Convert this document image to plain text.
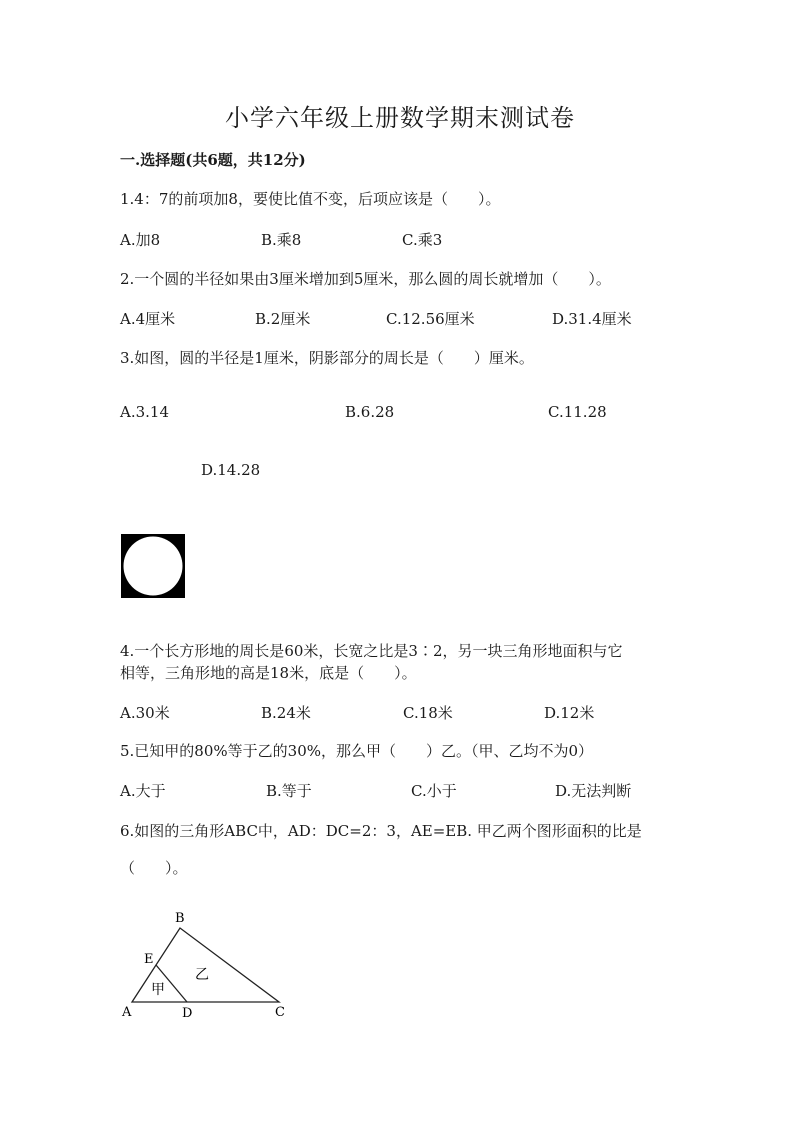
小学六年级上册数学期末测试卷
一.选择题(共6题，共12分)
1.4：7的前项加8，要使比值不变，后项应该是（　　）。
A.加8	B.乘8	C.乘3
2.一个圆的半径如果由3厘米增加到5厘米，那么圆的周长就增加（　　）。
A.4厘米	B.2厘米	C.12.56厘米	D.31.4厘米
3.如图，圆的半径是1厘米，阴影部分的周长是（　　）厘米。
A.3.14	B.6.28	C.11.28
D.14.28
4.一个长方形地的周长是60米，长宽之比是3∶2，另一块三角形地面积与它
相等，三角形地的高是18米，底是（　　）。
A.30米	B.24米	C.18米	D.12米
5.已知甲的80%等于乙的30%，那么甲（　　）乙。（甲、乙均不为0）
A.大于	B.等于	C.小于	D.无法判断
6.如图的三角形ABC中，AD：DC=2：3，AE=EB. 甲乙两个图形面积的比是
（　　）。
B
E
A	D	C
甲
乙
